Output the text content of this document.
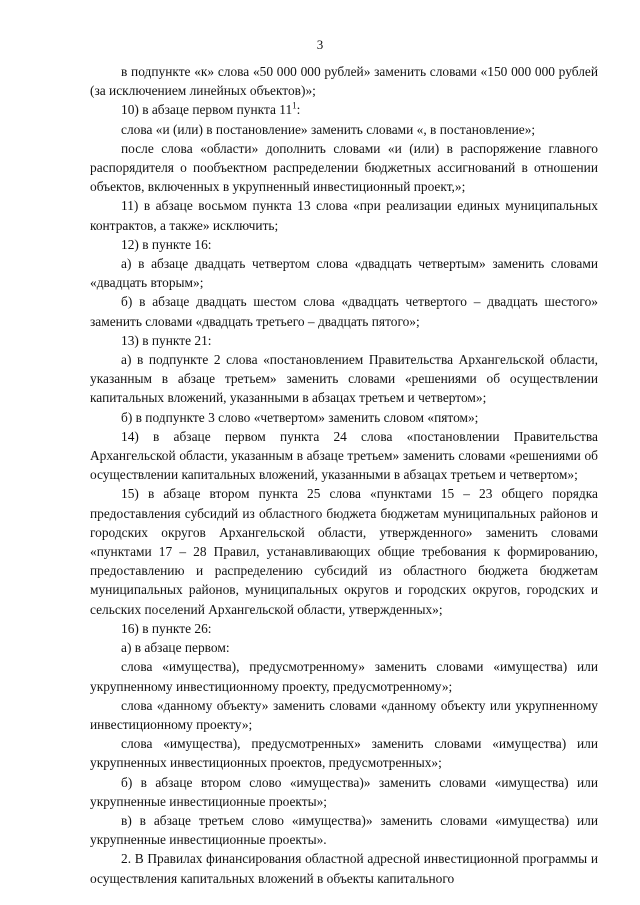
3

в подпункте «к» слова «50 000 000 рублей» заменить словами «150 000 000 рублей (за исключением линейных объектов)»;

10) в абзаце первом пункта $11^1$:

слова «и (или) в постановление» заменить словами «, в постановление»;

после слова «области» дополнить словами «и (или) в распоряжение главного распорядителя о пообъектном распределении бюджетных ассигнований в отношении объектов, включенных в укрупненный инвестиционный проект,»;

11) в абзаце восьмом пункта 13 слова «при реализации единых муниципальных контрактов, а также» исключить;

12) в пункте 16:

а) в абзаце двадцать четвертом слова «двадцать четвертым» заменить словами «двадцать вторым»;

б) в абзаце двадцать шестом слова «двадцать четвертого – двадцать шестого» заменить словами «двадцать третьего – двадцать пятого»;

13) в пункте 21:

а) в подпункте 2 слова «постановлением Правительства Архангельской области, указанным в абзаце третьем» заменить словами «решениями об осуществлении капитальных вложений, указанными в абзацах третьем и четвертом»;

б) в подпункте 3 слово «четвертом» заменить словом «пятом»;

14) в абзаце первом пункта 24 слова «постановлении Правительства Архангельской области, указанным в абзаце третьем» заменить словами «решениями об осуществлении капитальных вложений, указанными в абзацах третьем и четвертом»;

15) в абзаце втором пункта 25 слова «пунктами 15 – 23 общего порядка предоставления субсидий из областного бюджета бюджетам муниципальных районов и городских округов Архангельской области, утвержденного» заменить словами «пунктами 17 – 28 Правил, устанавливающих общие требования к формированию, предоставлению и распределению субсидий из областного бюджета бюджетам муниципальных районов, муниципальных округов и городских округов, городских и сельских поселений Архангельской области, утвержденных»;

16) в пункте 26:

а) в абзаце первом:

слова «имущества), предусмотренному» заменить словами «имущества) или укрупненному инвестиционному проекту, предусмотренному»;

слова «данному объекту» заменить словами «данному объекту или укрупненному инвестиционному проекту»;

слова «имущества), предусмотренных» заменить словами «имущества) или укрупненных инвестиционных проектов, предусмотренных»;

б) в абзаце втором слово «имущества)» заменить словами «имущества) или укрупненные инвестиционные проекты»;

в) в абзаце третьем слово «имущества)» заменить словами «имущества) или укрупненные инвестиционные проекты».

2. В Правилах финансирования областной адресной инвестиционной программы и осуществления капитальных вложений в объекты капитального
